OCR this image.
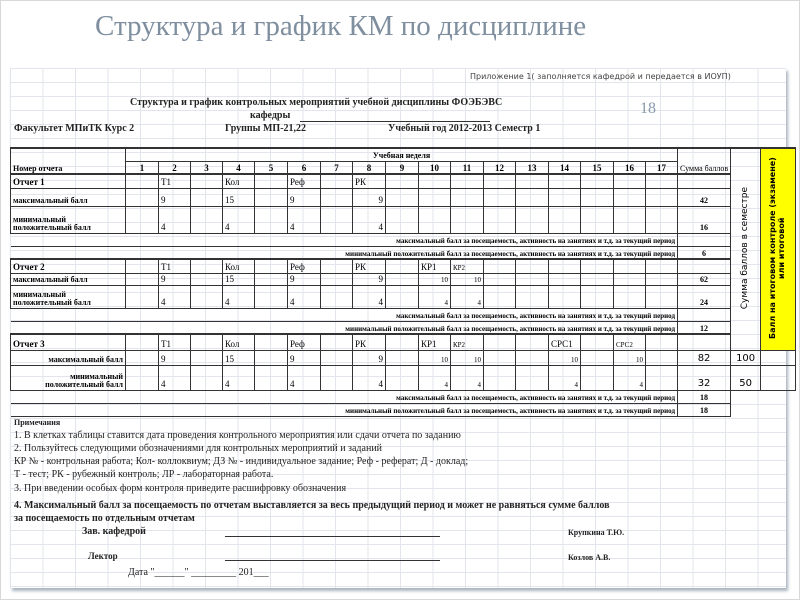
Структура и график КМ по дисциплине
Приложение 1( заполняется кафедрой и передается в ИОУП)
Структура и график контрольных мероприятий учебной дисциплины ФОЭБЭВС
кафедры	18
Факультет МПиТК Курс 2	Группы МП-21,22	Учебный год 2012-2013 Семестр 1
Номер отчета	Учебная неделя																	Сумма баллов	Сумма баллов в семестре	Балл на итоговом контроле (экзамене) или итоговой
	1	2	3	4	5	6	7	8	9	10	11	12	13	14	15	16	17			
Отчет 1		Т1		Кол		Реф		РК												
максимальный балл		9		15		9		9										42		
минимальный положительный балл		4		4		4		4										16		
максимальный балл за посещаемость, активность на занятиях и т.д. за текущий период																				
минимальный положительный балл за посещаемость, активность на занятиях и т.д. за текущий период																		6		
Отчет 2		Т1		Кол		Реф		РК		КР1	КР2									
максимальный балл		9		15		9		9		10	10							62		
минимальный положительный балл		4		4		4		4		4	4							24		
максимальный балл за посещаемость, активность на занятиях и т.д. за текущий период																				
минимальный положительный балл за посещаемость, активность на занятиях и т.д. за текущий период																		12		
Отчет 3		Т1		Кол		Реф		РК		КР1	КР2			СРС1		СРС2				
максимальный балл		9		15		9		9		10	10			10		10		82	100	
минимальный положительный балл		4		4		4		4		4	4			4		4		32	50	
максимальный балл за посещаемость, активность на занятиях и т.д. за текущий период																		18		
минимальный положительный балл за посещаемость, активность на занятиях и т.д. за текущий период																		18		
Примечания
1. В клетках таблицы ставится дата проведения контрольного мероприятия или сдачи отчета по заданию
2. Пользуйтесь следующими обозначениями для контрольных мероприятий и заданий
КР № - контрольная работа; Кол- коллоквиум; ДЗ № - индивидуальное задание; Реф - реферат; Д - доклад;
Т - тест; РК - рубежный контроль; ЛР - лабораторная работа.
3. При введении особых форм контроля приведите расшифровку обозначения
4. Максимальный балл за посещаемость по отчетам выставляется за весь предыдущий период и может не равняться сумме баллов
за посещаемость по отдельным отчетам
Зав. кафедрой	Крупкина Т.Ю.
Лектор	Козлов А.В.
Дата "______" _________ 201___
